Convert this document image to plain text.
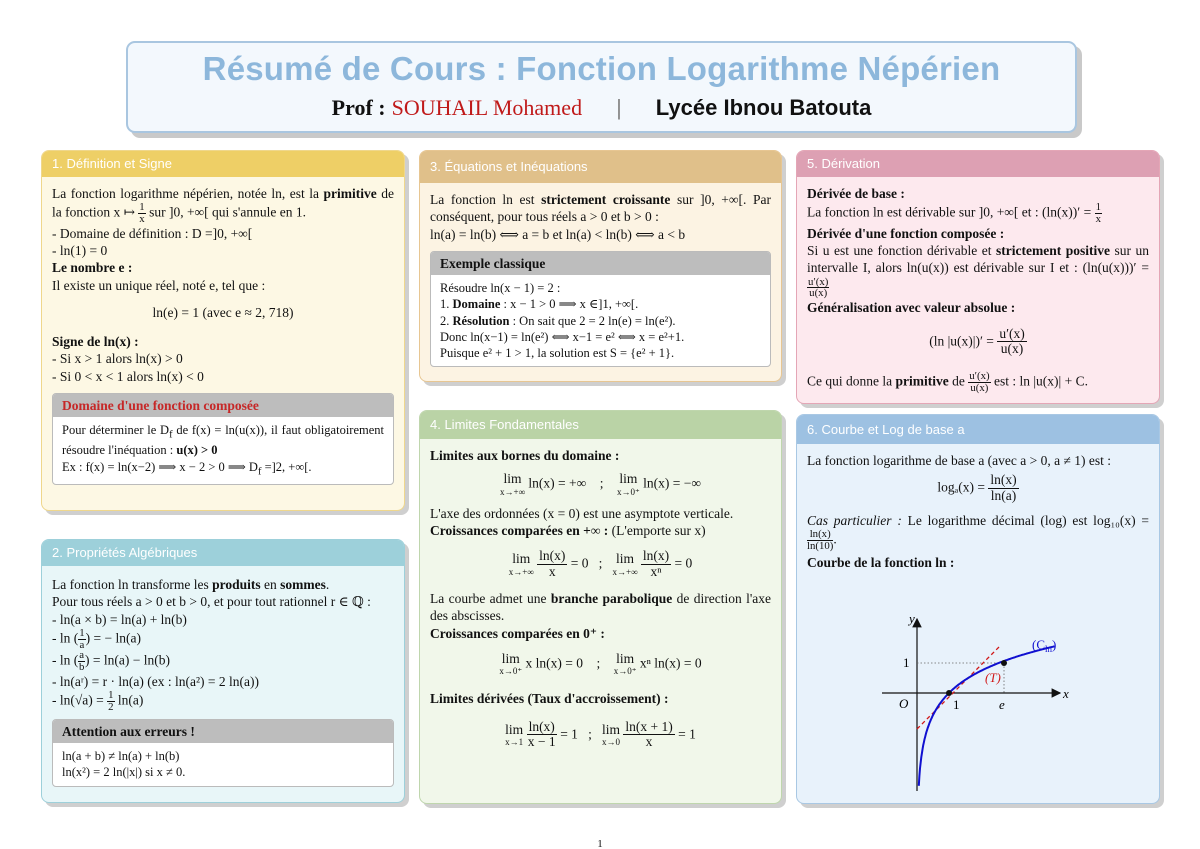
Résumé de Cours : Fonction Logarithme Népérien
Prof : SOUHAIL Mohamed | Lycée Ibnou Batouta
1. Définition et Signe

La fonction logarithme népérien, notée ln, est la primitive de la fonction x ↦ $\frac{1}{x}$ sur ]0, +∞[ qui s'annule en 1.

- Domaine de définition : D =]0, +∞[

- ln(1) = 0

Le nombre e :

Il existe un unique réel, noté e, tel que :

ln(e) = 1 (avec e ≈ 2, 718)

Signe de ln(x) :

- Si x > 1 alors ln(x) > 0

- Si 0 < x < 1 alors ln(x) < 0

Domaine d'une fonction composée

Pour déterminer le $D_f$ de f(x) = ln(u(x)), il faut obligatoirement résoudre l'inéquation : u(x) > 0

Ex : f(x) = ln(x−2) ⟹ x − 2 > 0 ⟹ $D_f =]2$, +∞[.

2. Propriétés Algébriques

La fonction ln transforme les produits en sommes.

Pour tous réels a > 0 et b > 0, et pour tout rationnel r ∈ ℚ :

- ln(a × b) = ln(a) + ln(b)

- ln ( $\frac{1}{a}$ ) = − ln(a)

- ln ( $\frac{a}{b}$ ) = ln(a) − ln(b)

- ln(aʳ) = r · ln(a) (ex : ln(a²) = 2 ln(a))

- $\ln(√a) = \frac{1}{2} \ln(a)$

Attention aux erreurs !

ln(a + b) ≠ ln(a) + ln(b)

ln(x²) = 2 ln(|x|) si x ≠ 0.

3. Équations et Inéquations

La fonction ln est strictement croissante sur ]0, +∞[. Par conséquent, pour tous réels a > 0 et b > 0 :

ln(a) = ln(b) ⟺ a = b et ln(a) < ln(b) ⟺ a < b

Exemple classique

Résoudre ln(x − 1) = 2 :

1. Domaine : x − 1 > 0 ⟹ x ∈]1, +∞[.

2. Résolution : On sait que 2 = 2 ln(e) = ln(e²).

Donc ln(x−1) = ln(e²) ⟺ x−1 = e² ⟺ x = e²+1.

Puisque e² + 1 > 1, la solution est S = {e² + 1}.

4. Limites Fondamentales

Limites aux bornes du domaine :

lim
x→+∞
ln(x) = +∞ ; lim
x→0⁺
ln(x) = −∞

L'axe des ordonnées (x = 0) est une asymptote verticale.

Croissances comparées en +∞ : (L'emporte sur x)

lim
x→+∞
$\frac{\ln(x)}{x} = 0$ ; lim
x→+∞
$\frac{\ln(x)}{\text{xⁿ}} = 0$

La courbe admet une branche parabolique de direction l'axe des abscisses.

Croissances comparées en 0⁺ :

lim
x→0⁺
x ln(x) = 0 ; lim
x→0⁺
xⁿ ln(x) = 0

Limites dérivées (Taux d'accroissement) :

lim
x→1
$\frac{\ln(x)}{x - 1} = 1$ ; lim
x→0
$\frac{\ln(x + 1)}{x} = 1$

5. Dérivation

Dérivée de base :

La fonction ln est dérivable sur ]0, +∞[ et : $(\ln(x))' = \frac{1}{x}$

Dérivée d'une fonction composée :

Si u est une fonction dérivable et strictement positive sur un intervalle I, alors ln(u(x)) est dérivable sur I et : (ln(u(x)))′ =
$\frac{u'(x)}{u(x)}$

Généralisation avec valeur absolue :

(ln $|u(x)|)' = \frac{u'(x)}{u(x)}$

Ce qui donne la primitive de $\frac{u'(x)}{u(x)}$ est : ln |u(x)| + C.

6. Courbe et Log de base a

La fonction logarithme de base a (avec a > 0, a ≠ 1) est :

$\log_a(x) = \frac{\ln(x)}{\ln(a)}$

Cas particulier : Le logarithme décimal (log) est log₁₀(x) =
$\frac{\ln(x)}{\ln(10)}$ .

Courbe de la fonction ln :

y
x
O	1
1
e
$(C_{ln})$
(T)
1
